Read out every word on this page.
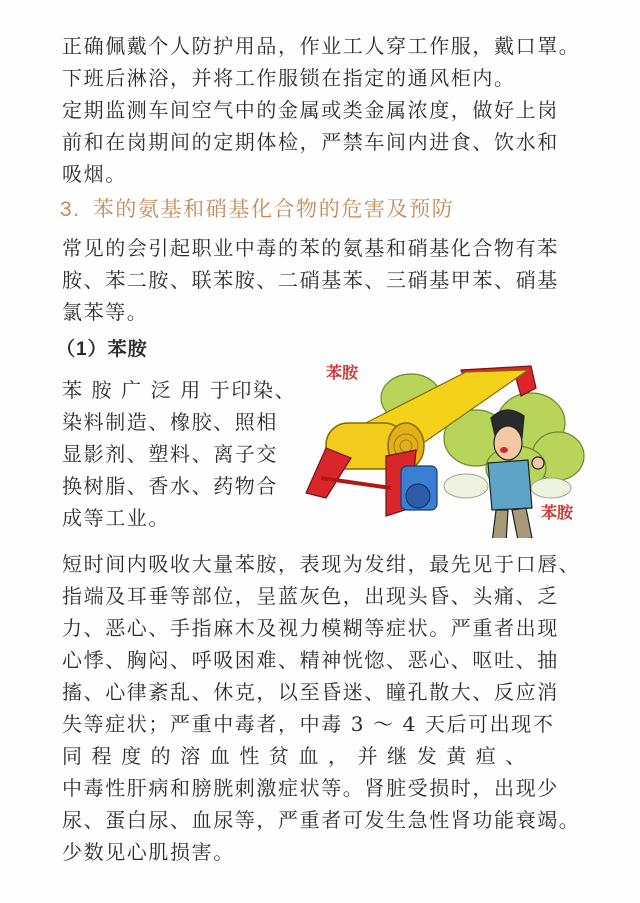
正确佩戴个人防护用品，作业工人穿工作服，戴口罩。
下班后淋浴，并将工作服锁在指定的通风柜内。
定期监测车间空气中的金属或类金属浓度，做好上岗
前和在岗期间的定期体检，严禁车间内进食、饮水和
吸烟。

3. 苯的氨基和硝基化合物的危害及预防

常见的会引起职业中毒的苯的氨基和硝基化合物有苯
胺、苯二胺、联苯胺、二硝基苯、三硝基甲苯、硝基
氯苯等。

（1）苯胺

苯 胺 广 泛 用 于印染、
染料制造、橡胶、照相
显影剂、塑料、离子交
换树脂、香水、药物合
成等工业。

苯胺
苯胺

短时间内吸收大量苯胺，表现为发绀，最先见于口唇、
指端及耳垂等部位，呈蓝灰色，出现头昏、头痛、乏
力、恶心、手指麻木及视力模糊等症状。严重者出现
心悸、胸闷、呼吸困难、精神恍惚、恶心、呕吐、抽
搐、心律紊乱、休克，以至昏迷、瞳孔散大、反应消
失等症状；严重中毒者，中毒 3 ～ 4 天后可出现不
同 程 度 的 溶 血 性 贫 血 ， 并 继 发 黄 疸 、
中毒性肝病和膀胱刺激症状等。肾脏受损时，出现少
尿、蛋白尿、血尿等，严重者可发生急性肾功能衰竭。
少数见心肌损害。
